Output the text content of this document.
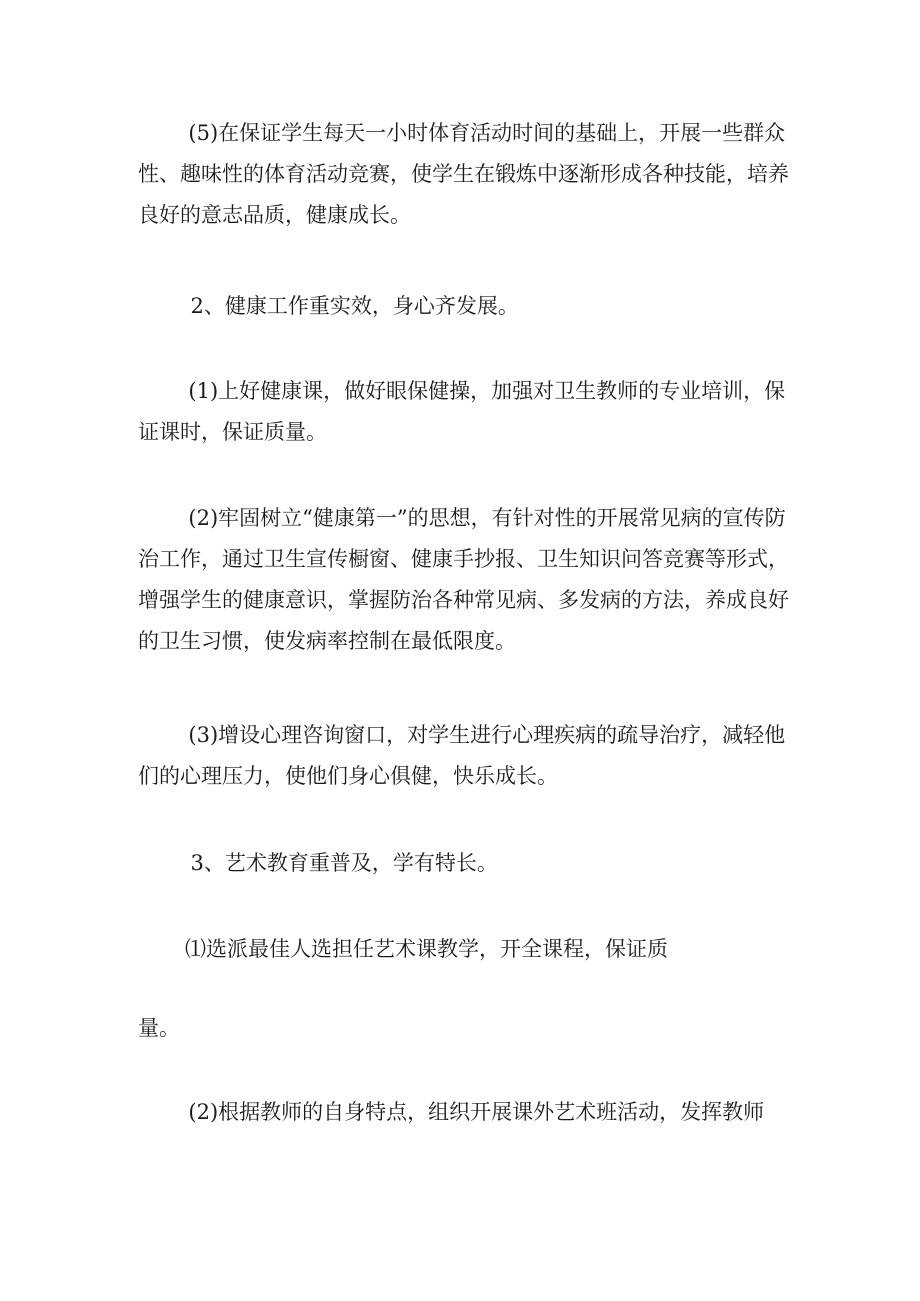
(5)在保证学生每天一小时体育活动时间的基础上，开展一些群众性、趣味性的体育活动竞赛，使学生在锻炼中逐渐形成各种技能，培养良好的意志品质，健康成长。

2、健康工作重实效，身心齐发展。

(1)上好健康课，做好眼保健操，加强对卫生教师的专业培训，保证课时，保证质量。

(2)牢固树立“健康第一”的思想，有针对性的开展常见病的宣传防治工作，通过卫生宣传橱窗、健康手抄报、卫生知识问答竞赛等形式，增强学生的健康意识，掌握防治各种常见病、多发病的方法，养成良好的卫生习惯，使发病率控制在最低限度。

(3)增设心理咨询窗口，对学生进行心理疾病的疏导治疗，减轻他们的心理压力，使他们身心俱健，快乐成长。

3、艺术教育重普及，学有特长。

⑴选派最佳人选担任艺术课教学，开全课程，保证质

量。

(2)根据教师的自身特点，组织开展课外艺术班活动，发挥教师
